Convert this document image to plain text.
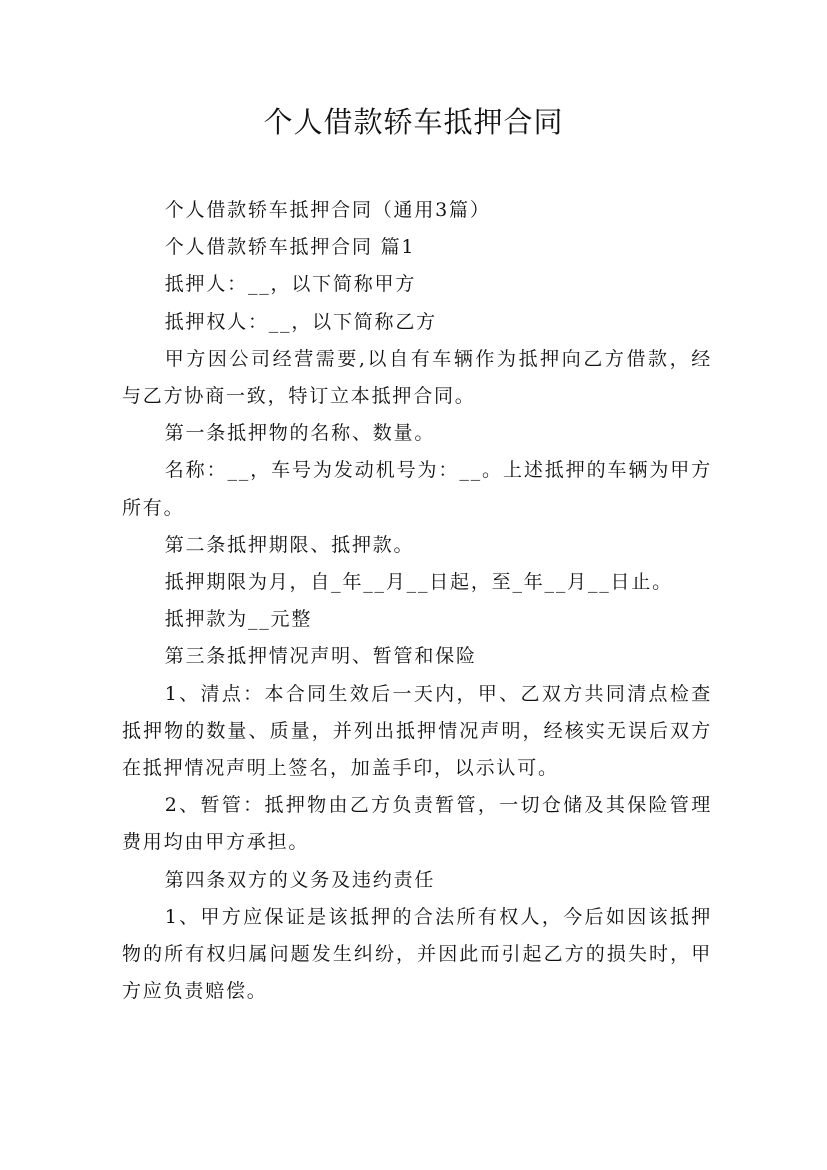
个人借款轿车抵押合同

个人借款轿车抵押合同（通用3篇）

个人借款轿车抵押合同 篇1

抵押人：__，以下简称甲方

抵押权人：__，以下简称乙方

甲方因公司经营需要,以自有车辆作为抵押向乙方借款，经与乙方协商一致，特订立本抵押合同。

第一条抵押物的名称、数量。

名称：__，车号为发动机号为：__。上述抵押的车辆为甲方所有。

第二条抵押期限、抵押款。

抵押期限为月，自_年__月__日起，至_年__月__日止。

抵押款为__元整

第三条抵押情况声明、暂管和保险

1、清点：本合同生效后一天内，甲、乙双方共同清点检查抵押物的数量、质量，并列出抵押情况声明，经核实无误后双方在抵押情况声明上签名，加盖手印，以示认可。

2、暂管：抵押物由乙方负责暂管，一切仓储及其保险管理费用均由甲方承担。

第四条双方的义务及违约责任

1、甲方应保证是该抵押的合法所有权人，今后如因该抵押物的所有权归属问题发生纠纷，并因此而引起乙方的损失时，甲方应负责赔偿。
